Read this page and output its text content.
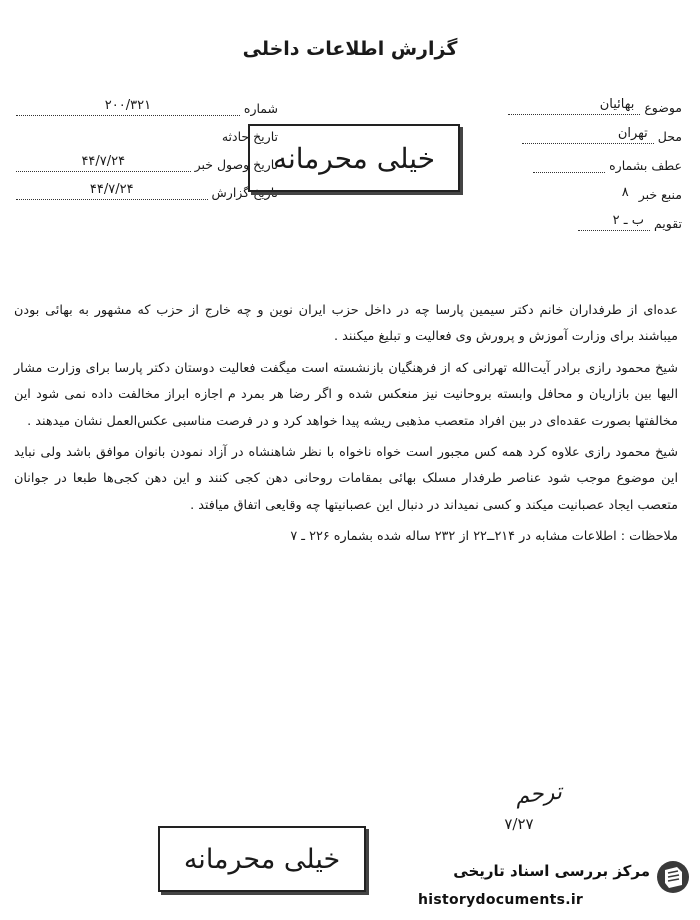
گزارش اطلاعات داخلی
موضوع
بهائیان
محل
تهران
عطف بشماره
منبع خبر
۸
تقویم
ب ـ ۲
شماره
۲۰۰/۳۲۱
تاریخ حادثه
تاریخ وصول خبر
۴۴/۷/۲۴
تاریخ گزارش
۴۴/۷/۲۴
خیلی محرمانه

عده‌ای از طرفداران خانم دکتر سیمین پارسا چه در داخل حزب ایران نوین و چه خارج از حزب که مشهور به بهائی بودن میباشند برای وزارت آموزش و پرورش وی فعالیت و تبلیغ میکنند .

شیخ محمود رازی برادر آیت‌الله تهرانی که از فرهنگیان بازنشسته است میگفت فعالیت دوستان دکتر پارسا برای وزارت مشار الیها بین بازاریان و محافل وابسته بروحانیت نیز منعکس شده و اگر رضا هر بمرد م اجازه ابراز مخالفت داده نمی شود این مخالفتها بصورت عقده‌ای در بین افراد متعصب مذهبی ریشه پیدا خواهد کرد و در فرصت مناسبی عکس‌العمل نشان میدهند .

شیخ محمود رازی علاوه کرد همه کس مجبور است خواه ناخواه با نظر شاهنشاه در آزاد نمودن بانوان موافق باشد ولی نباید این موضوع موجب شود عناصر طرفدار مسلک بهائی بمقامات روحانی دهن کجی کنند و این دهن کجی‌ها طبعا در جوانان متعصب ایجاد عصبانیت میکند و کسی نمیداند در دنبال این عصبانیتها چه وقایعی اتفاق میافتد .

ملاحظات : اطلاعات مشابه در ۲۱۴ــ۲۲ از ۲۳۲ ساله شده بشماره ۲۲۶ ـ ۷

ترحم
۷/۲۷
خیلی محرمانه	مرکز بررسی اسناد تاریخی
historydocuments.ir
